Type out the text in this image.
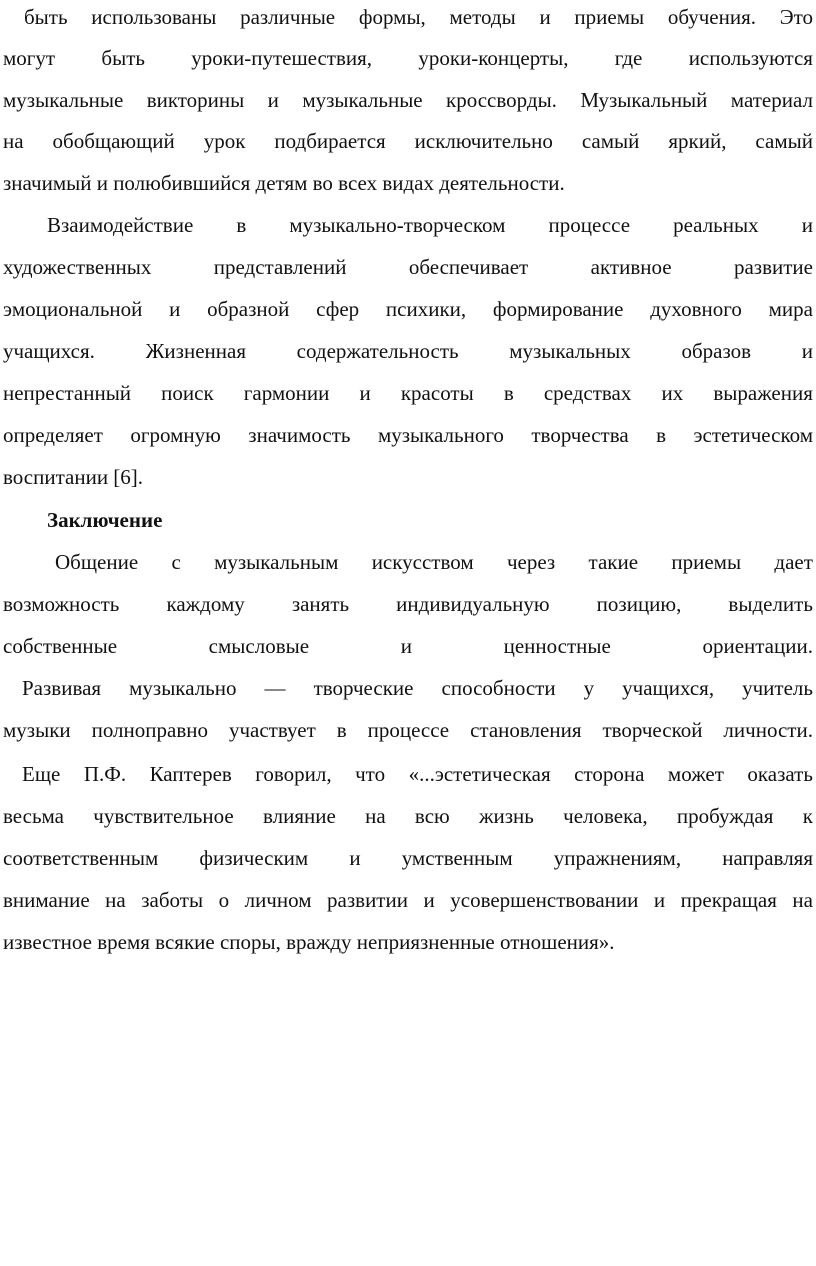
быть использованы различные формы, методы и приемы обучения. Это
могут быть уроки-путешествия, уроки-концерты, где используются
музыкальные викторины и музыкальные кроссворды. Музыкальный материал
на обобщающий урок подбирается исключительно самый яркий, самый
значимый и полюбившийся детям во всех видах деятельности.
Взаимодействие в музыкально-творческом процессе реальных и
художественных	представлений	обеспечивает	активное	развитие
эмоциональной и образной сфер психики, формирование духовного мира
учащихся. Жизненная содержательность музыкальных образов и
непрестанный поиск гармонии и красоты в средствах их выражения
определяет огромную значимость музыкального творчества в эстетическом
воспитании [6].
Заключение
Общение с музыкальным искусством через такие приемы дает
возможность каждому занять индивидуальную позицию, выделить
собственные	смысловые	и	ценностные	ориентации.
Развивая музыкально — творческие способности у учащихся, учитель
музыки полноправно участвует в процессе становления творческой личности.
Еще П.Ф. Каптерев говорил, что «...эстетическая сторона может оказать
весьма чувствительное влияние на всю жизнь человека, пробуждая к
соответственным физическим и умственным упражнениям, направляя
внимание на заботы о личном развитии и усовершенствовании и прекращая на
известное время всякие споры, вражду неприязненные отношения».
